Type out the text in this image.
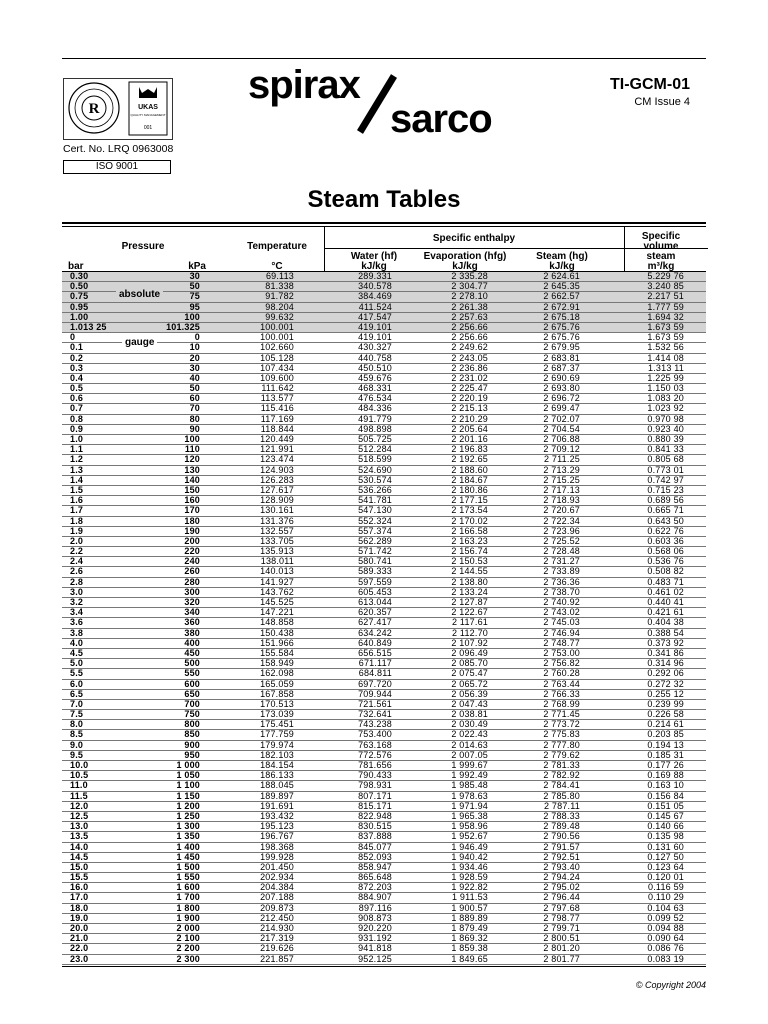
R	UKAS
QUALITY MANAGEMENT
001
Cert. No. LRQ 0963008
ISO 9001
spirax
sarco
TI-GCM-01
CM Issue 4
Steam Tables
Pressure	Temperature
Specific enthalpy	Specific
volume
steam
Water (hf)	Evaporation (hfg)	Steam (hg)
bar	kPa	°C	kJ/kg	kJ/kg	kJ/kg	m³/kg
0.30	30	69.113	289.331	2 335.28	2 624.61	5.229 76
0.50	50	81.338	340.578	2 304.77	2 645.35	3.240 85
0.75	75	91.782	384.469	2 278.10	2 662.57	2.217 51
0.95	95	98.204	411.524	2 261.38	2 672.91	1.777 59
1.00	100	99.632	417.547	2 257.63	2 675.18	1.694 32
1.013 25	101.325	100.001	419.101	2 256.66	2 675.76	1.673 59
0	0	100.001	419.101	2 256.66	2 675.76	1.673 59
0.1	10	102.660	430.327	2 249.62	2 679.95	1.532 56
0.2	20	105.128	440.758	2 243.05	2 683.81	1.414 08
0.3	30	107.434	450.510	2 236.86	2 687.37	1.313 11
0.4	40	109.600	459.676	2 231.02	2 690.69	1.225 99
0.5	50	111.642	468.331	2 225.47	2 693.80	1.150 03
0.6	60	113.577	476.534	2 220.19	2 696.72	1.083 20
0.7	70	115.416	484.336	2 215.13	2 699.47	1.023 92
0.8	80	117.169	491.779	2 210.29	2 702.07	0.970 98
0.9	90	118.844	498.898	2 205.64	2 704.54	0.923 40
1.0	100	120.449	505.725	2 201.16	2 706.88	0.880 39
1.1	110	121.991	512.284	2 196.83	2 709.12	0.841 33
1.2	120	123.474	518.599	2 192.65	2 711.25	0.805 68
1.3	130	124.903	524.690	2 188.60	2 713.29	0.773 01
1.4	140	126.283	530.574	2 184.67	2 715.25	0.742 97
1.5	150	127.617	536.266	2 180.86	2 717.13	0.715 23
1.6	160	128.909	541.781	2 177.15	2 718.93	0.689 56
1.7	170	130.161	547.130	2 173.54	2 720.67	0.665 71
1.8	180	131.376	552.324	2 170.02	2 722.34	0.643 50
1.9	190	132.557	557.374	2 166.58	2 723.96	0.622 76
2.0	200	133.705	562.289	2 163.23	2 725.52	0.603 36
2.2	220	135.913	571.742	2 156.74	2 728.48	0.568 06
2.4	240	138.011	580.741	2 150.53	2 731.27	0.536 76
2.6	260	140.013	589.333	2 144.55	2 733.89	0.508 82
2.8	280	141.927	597.559	2 138.80	2 736.36	0.483 71
3.0	300	143.762	605.453	2 133.24	2 738.70	0.461 02
3.2	320	145.525	613.044	2 127.87	2 740.92	0.440 41
3.4	340	147.221	620.357	2 122.67	2 743.02	0.421 61
3.6	360	148.858	627.417	2 117.61	2 745.03	0.404 38
3.8	380	150.438	634.242	2 112.70	2 746.94	0.388 54
4.0	400	151.966	640.849	2 107.92	2 748.77	0.373 92
4.5	450	155.584	656.515	2 096.49	2 753.00	0.341 86
5.0	500	158.949	671.117	2 085.70	2 756.82	0.314 96
5.5	550	162.098	684.811	2 075.47	2 760.28	0.292 06
6.0	600	165.059	697.720	2 065.72	2 763.44	0.272 32
6.5	650	167.858	709.944	2 056.39	2 766.33	0.255 12
7.0	700	170.513	721.561	2 047.43	2 768.99	0.239 99
7.5	750	173.039	732.641	2 038.81	2 771.45	0.226 58
8.0	800	175.451	743.238	2 030.49	2 773.72	0.214 61
8.5	850	177.759	753.400	2 022.43	2 775.83	0.203 85
9.0	900	179.974	763.168	2 014.63	2 777.80	0.194 13
9.5	950	182.103	772.576	2 007.05	2 779.62	0.185 31
10.0	1 000	184.154	781.656	1 999.67	2 781.33	0.177 26
10.5	1 050	186.133	790.433	1 992.49	2 782.92	0.169 88
11.0	1 100	188.045	798.931	1 985.48	2 784.41	0.163 10
11.5	1 150	189.897	807.171	1 978.63	2 785.80	0.156 84
12.0	1 200	191.691	815.171	1 971.94	2 787.11	0.151 05
12.5	1 250	193.432	822.948	1 965.38	2 788.33	0.145 67
13.0	1 300	195.123	830.515	1 958.96	2 789.48	0.140 66
13.5	1 350	196.767	837.888	1 952.67	2 790.56	0.135 98
14.0	1 400	198.368	845.077	1 946.49	2 791.57	0.131 60
14.5	1 450	199.928	852.093	1 940.42	2 792.51	0.127 50
15.0	1 500	201.450	858.947	1 934.46	2 793.40	0.123 64
15.5	1 550	202.934	865.648	1 928.59	2 794.24	0.120 01
16.0	1 600	204.384	872.203	1 922.82	2 795.02	0.116 59
17.0	1 700	207.188	884.907	1 911.53	2 796.44	0.110 29
18.0	1 800	209.873	897.116	1 900.57	2 797.68	0.104 63
19.0	1 900	212.450	908.873	1 889.89	2 798.77	0.099 52
20.0	2 000	214.930	920.220	1 879.49	2 799.71	0.094 88
21.0	2 100	217.319	931.192	1 869.32	2 800.51	0.090 64
22.0	2 200	219.626	941.818	1 859.38	2 801.20	0.086 76
23.0	2 300	221.857	952.125	1 849.65	2 801.77	0.083 19
absolute
gauge
© Copyright 2004
